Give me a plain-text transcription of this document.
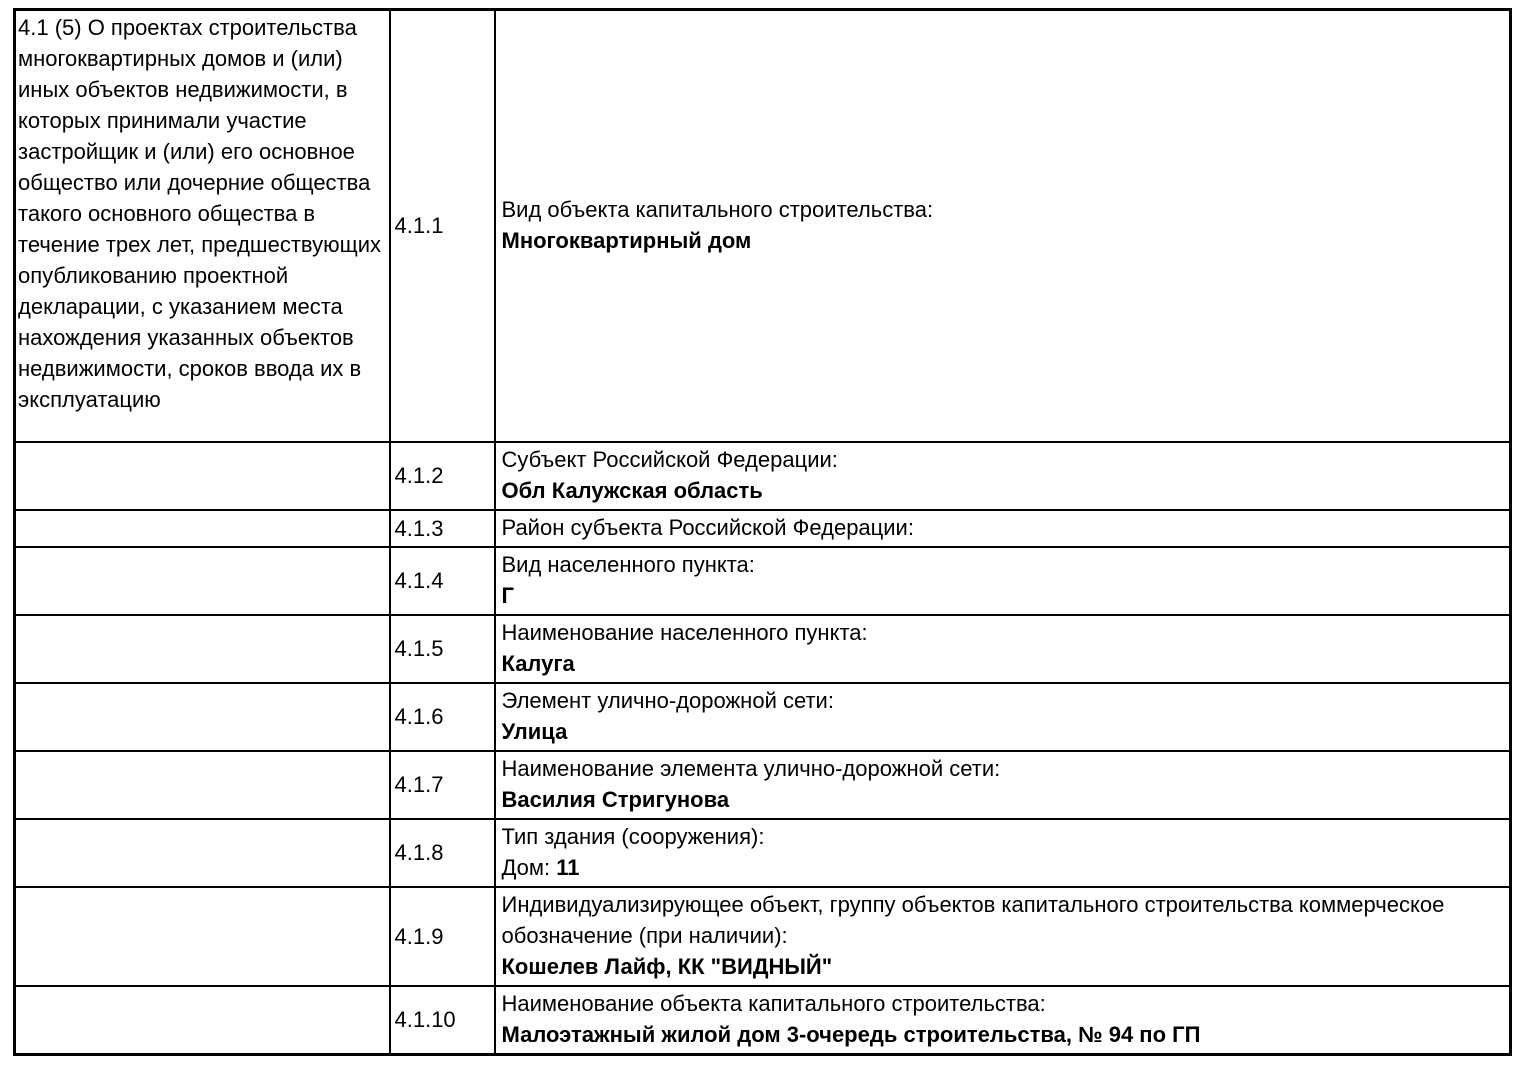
4.1 (5) О проектах строительства многоквартирных домов и (или) иных объектов недвижимости, в которых принимали участие застройщик и (или) его основное общество или дочерние общества такого основного общества в течение трех лет, предшествующих опубликованию проектной декларации, с указанием места нахождения указанных объектов недвижимости, сроков ввода их в эксплуатацию	4.1.1	Вид объекта капитального строительства:
Многоквартирный дом

	4.1.2	Субъект Российской Федерации:
Обл Калужская область

	4.1.3	Район субъекта Российской Федерации:

	4.1.4	Вид населенного пункта:
Г

	4.1.5	Наименование населенного пункта:
Калуга

	4.1.6	Элемент улично-дорожной сети:
Улица

	4.1.7	Наименование элемента улично-дорожной сети:
Василия Стригунова

	4.1.8	Тип здания (сооружения):
Дом: 11

	4.1.9	Индивидуализирующее объект, группу объектов капитального строительства коммерческое обозначение (при наличии):
Кошелев Лайф, КК "ВИДНЫЙ"

	4.1.10	Наименование объекта капитального строительства:
Малоэтажный жилой дом 3-очередь строительства, № 94 по ГП
